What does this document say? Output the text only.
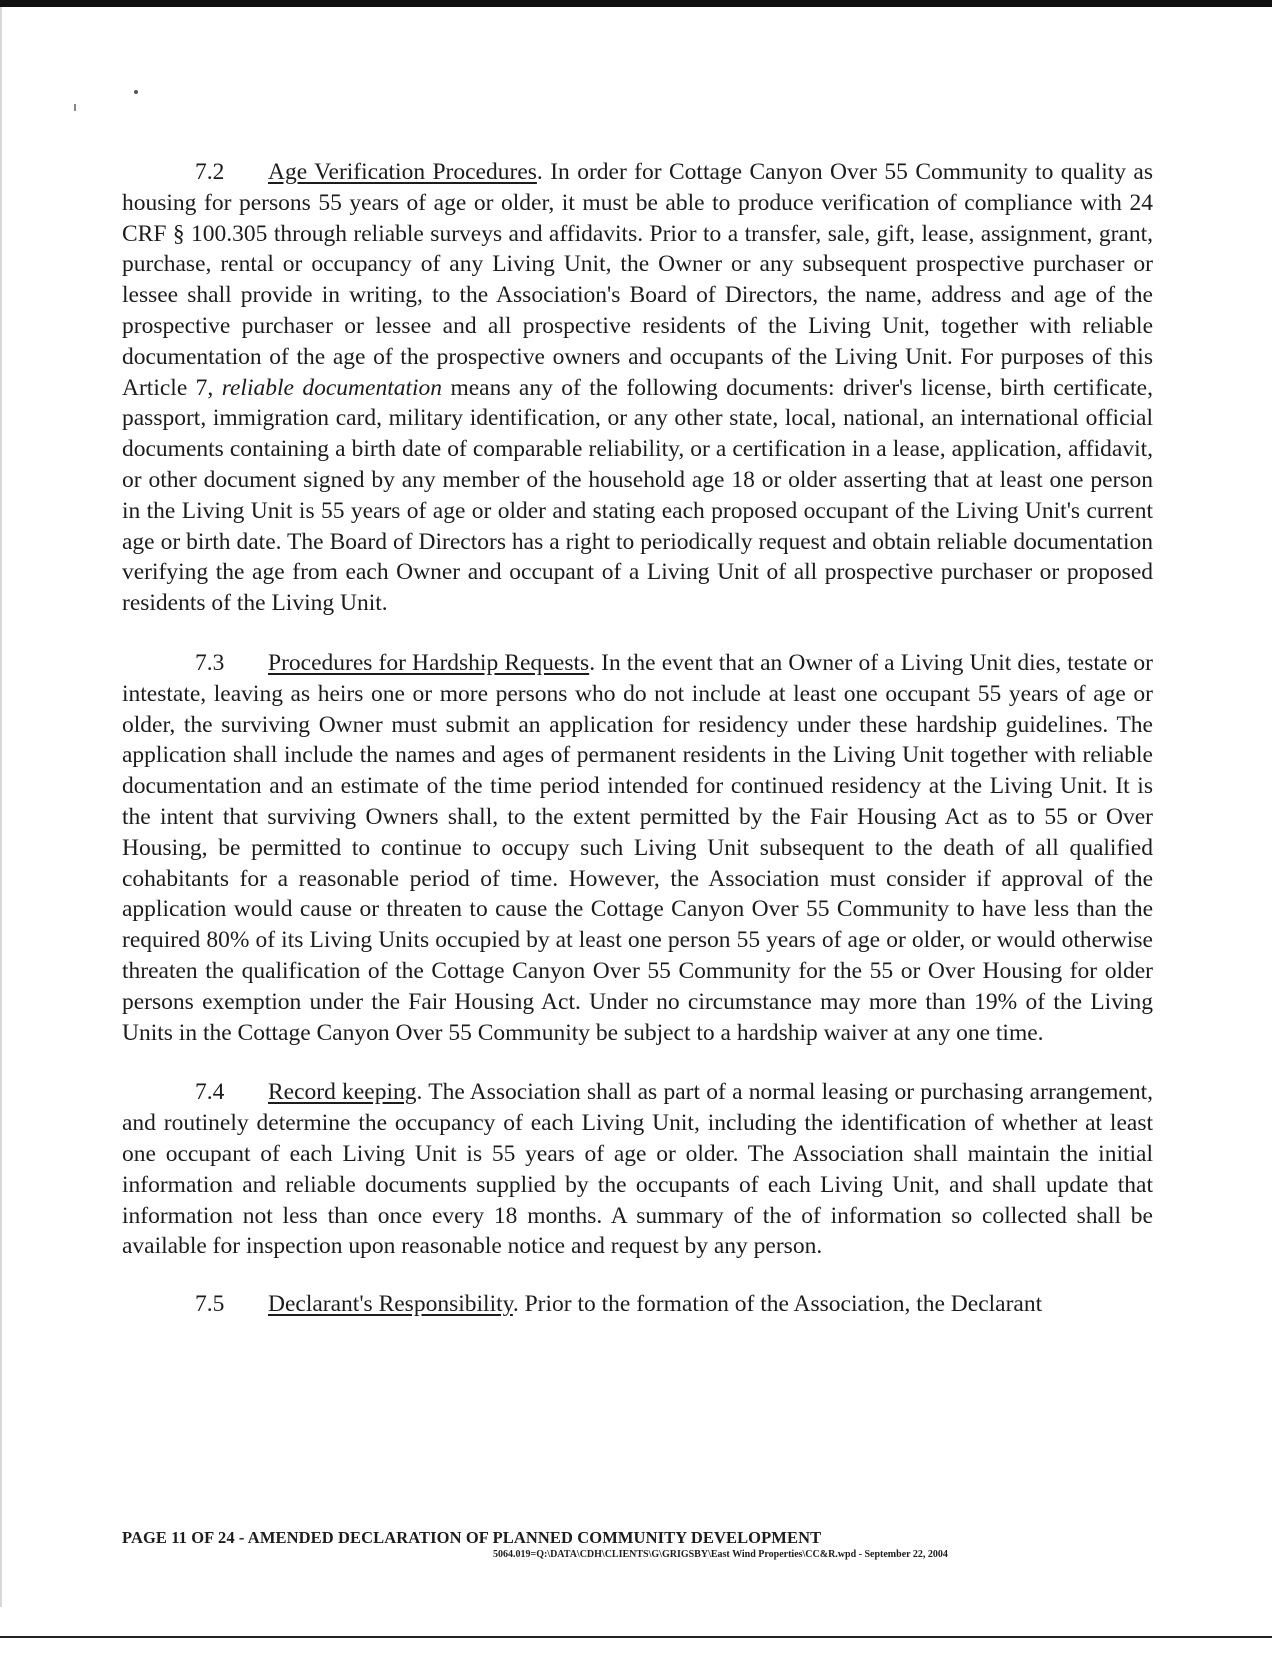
7.2 Age Verification Procedures. In order for Cottage Canyon Over 55 Community to quality as housing for persons 55 years of age or older, it must be able to produce verification of compliance with 24 CRF § 100.305 through reliable surveys and affidavits. Prior to a transfer, sale, gift, lease, assignment, grant, purchase, rental or occupancy of any Living Unit, the Owner or any subsequent prospective purchaser or lessee shall provide in writing, to the Association's Board of Directors, the name, address and age of the prospective purchaser or lessee and all prospective residents of the Living Unit, together with reliable documentation of the age of the prospective owners and occupants of the Living Unit. For purposes of this Article 7, reliable documentation means any of the following documents: driver's license, birth certificate, passport, immigration card, military identification, or any other state, local, national, an international official documents containing a birth date of comparable reliability, or a certification in a lease, application, affidavit, or other document signed by any member of the household age 18 or older asserting that at least one person in the Living Unit is 55 years of age or older and stating each proposed occupant of the Living Unit's current age or birth date. The Board of Directors has a right to periodically request and obtain reliable documentation verifying the age from each Owner and occupant of a Living Unit of all prospective purchaser or proposed residents of the Living Unit.

7.3 Procedures for Hardship Requests. In the event that an Owner of a Living Unit dies, testate or intestate, leaving as heirs one or more persons who do not include at least one occupant 55 years of age or older, the surviving Owner must submit an application for residency under these hardship guidelines. The application shall include the names and ages of permanent residents in the Living Unit together with reliable documentation and an estimate of the time period intended for continued residency at the Living Unit. It is the intent that surviving Owners shall, to the extent permitted by the Fair Housing Act as to 55 or Over Housing, be permitted to continue to occupy such Living Unit subsequent to the death of all qualified cohabitants for a reasonable period of time. However, the Association must consider if approval of the application would cause or threaten to cause the Cottage Canyon Over 55 Community to have less than the required 80% of its Living Units occupied by at least one person 55 years of age or older, or would otherwise threaten the qualification of the Cottage Canyon Over 55 Community for the 55 or Over Housing for older persons exemption under the Fair Housing Act. Under no circumstance may more than 19% of the Living Units in the Cottage Canyon Over 55 Community be subject to a hardship waiver at any one time.

7.4 Record keeping. The Association shall as part of a normal leasing or purchasing arrangement, and routinely determine the occupancy of each Living Unit, including the identification of whether at least one occupant of each Living Unit is 55 years of age or older. The Association shall maintain the initial information and reliable documents supplied by the occupants of each Living Unit, and shall update that information not less than once every 18 months. A summary of the of information so collected shall be available for inspection upon reasonable notice and request by any person.

7.5 Declarant's Responsibility. Prior to the formation of the Association, the Declarant

PAGE 11 OF 24 - AMENDED DECLARATION OF PLANNED COMMUNITY DEVELOPMENT
5064.019=Q:\DATA\CDH\CLIENTS\G\GRIGSBY\East Wind Properties\CC&R.wpd - September 22, 2004
